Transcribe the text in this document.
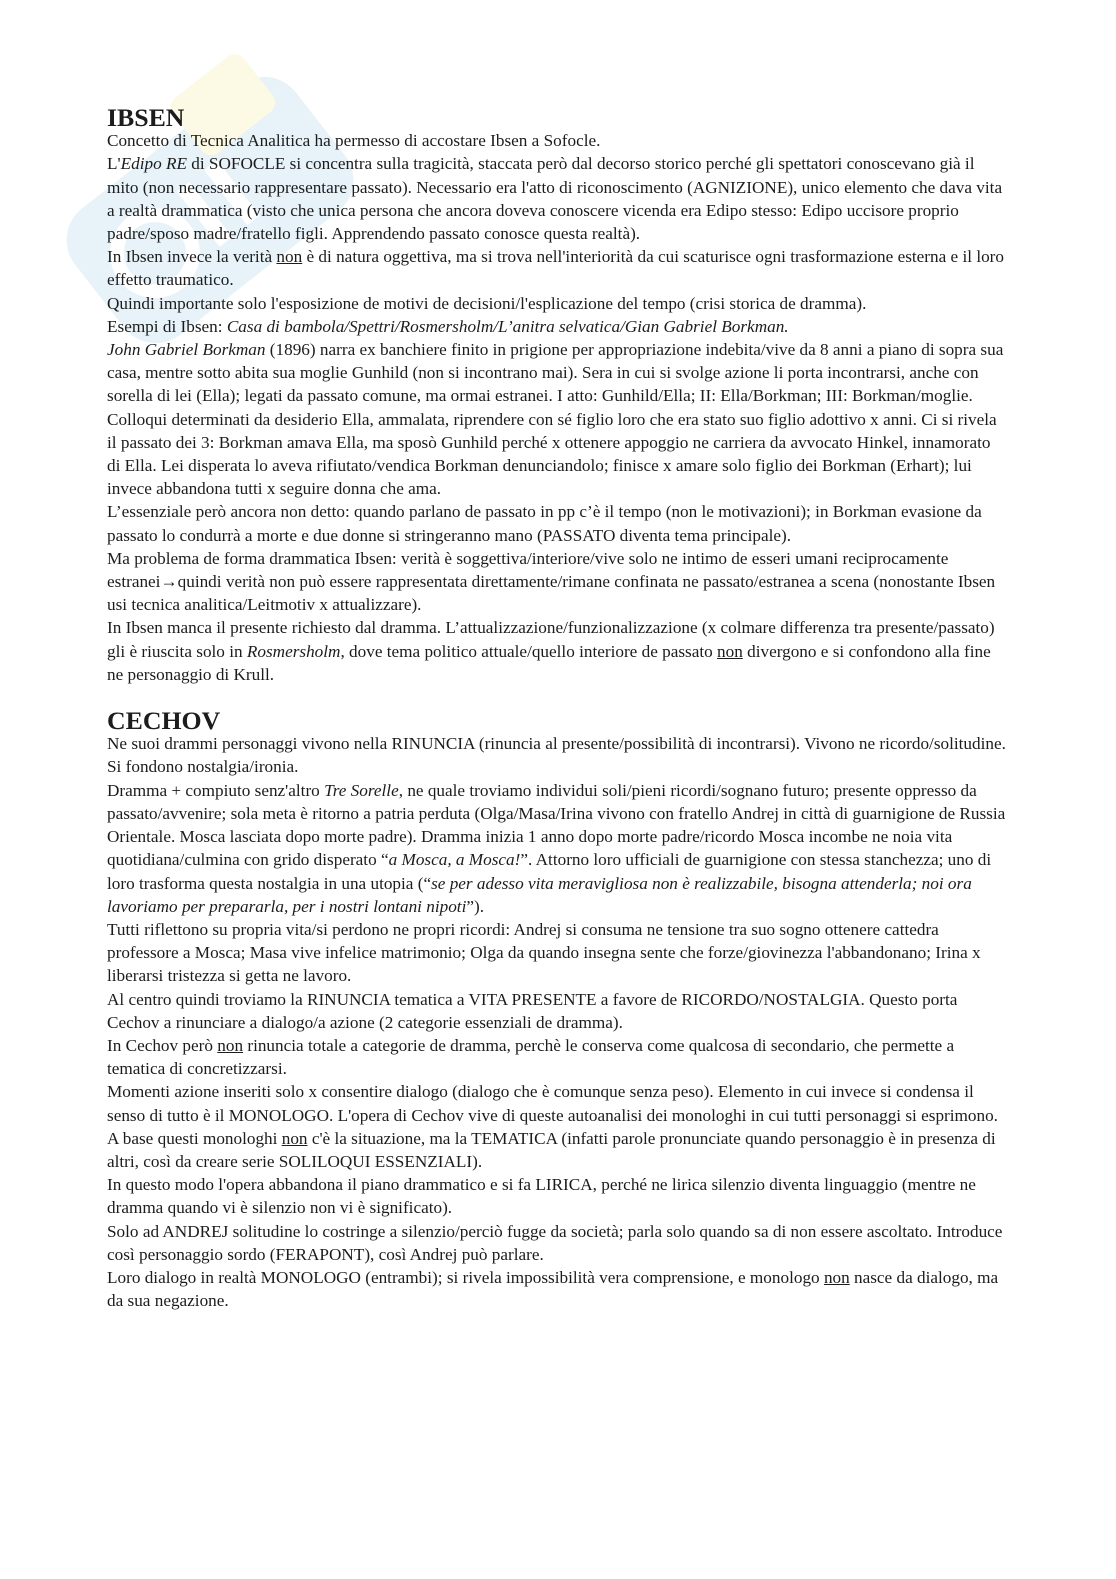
IBSEN

Concetto di Tecnica Analitica ha permesso di accostare Ibsen a Sofocle.

L'Edipo RE di SOFOCLE si concentra sulla tragicità, staccata però dal decorso storico perché gli spettatori conoscevano già il mito (non necessario rappresentare passato). Necessario era l'atto di riconoscimento (AGNIZIONE), unico elemento che dava vita a realtà drammatica (visto che unica persona che ancora doveva conoscere vicenda era Edipo stesso: Edipo uccisore proprio padre/sposo madre/fratello figli. Apprendendo passato conosce questa realtà).

In Ibsen invece la verità non è di natura oggettiva, ma si trova nell'interiorità da cui scaturisce ogni trasformazione esterna e il loro effetto traumatico.

Quindi importante solo l'esposizione de motivi de decisioni/l'esplicazione del tempo (crisi storica de dramma).

Esempi di Ibsen: Casa di bambola/Spettri/Rosmersholm/L’anitra selvatica/Gian Gabriel Borkman.

John Gabriel Borkman (1896) narra ex banchiere finito in prigione per appropriazione indebita/vive da 8 anni a piano di sopra sua casa, mentre sotto abita sua moglie Gunhild (non si incontrano mai). Sera in cui si svolge azione li porta incontrarsi, anche con sorella di lei (Ella); legati da passato comune, ma ormai estranei. I atto: Gunhild/Ella; II: Ella/Borkman; III: Borkman/moglie. Colloqui determinati da desiderio Ella, ammalata, riprendere con sé figlio loro che era stato suo figlio adottivo x anni. Ci si rivela il passato dei 3: Borkman amava Ella, ma sposò Gunhild perché x ottenere appoggio ne carriera da avvocato Hinkel, innamorato di Ella. Lei disperata lo aveva rifiutato/vendica Borkman denunciandolo; finisce x amare solo figlio dei Borkman (Erhart); lui invece abbandona tutti x seguire donna che ama.

L’essenziale però ancora non detto: quando parlano de passato in pp c’è il tempo (non le motivazioni); in Borkman evasione da passato lo condurrà a morte e due donne si stringeranno mano (PASSATO diventa tema principale).

Ma problema de forma drammatica Ibsen: verità è soggettiva/interiore/vive solo ne intimo de esseri umani reciprocamente estranei→quindi verità non può essere rappresentata direttamente/rimane confinata ne passato/estranea a scena (nonostante Ibsen usi tecnica analitica/Leitmotiv x attualizzare).

In Ibsen manca il presente richiesto dal dramma. L’attualizzazione/funzionalizzazione (x colmare differenza tra presente/passato) gli è riuscita solo in Rosmersholm, dove tema politico attuale/quello interiore de passato non divergono e si confondono alla fine ne personaggio di Krull.

CECHOV

Ne suoi drammi personaggi vivono nella RINUNCIA (rinuncia al presente/possibilità di incontrarsi). Vivono ne ricordo/solitudine. Si fondono nostalgia/ironia.

Dramma + compiuto senz'altro Tre Sorelle, ne quale troviamo individui soli/pieni ricordi/sognano futuro; presente oppresso da passato/avvenire; sola meta è ritorno a patria perduta (Olga/Masa/Irina vivono con fratello Andrej in città di guarnigione de Russia Orientale. Mosca lasciata dopo morte padre). Dramma inizia 1 anno dopo morte padre/ricordo Mosca incombe ne noia vita quotidiana/culmina con grido disperato “a Mosca, a Mosca!”. Attorno loro ufficiali de guarnigione con stessa stanchezza; uno di loro trasforma questa nostalgia in una utopia (“se per adesso vita meravigliosa non è realizzabile, bisogna attenderla; noi ora lavoriamo per prepararla, per i nostri lontani nipoti”).

Tutti riflettono su propria vita/si perdono ne propri ricordi: Andrej si consuma ne tensione tra suo sogno ottenere cattedra professore a Mosca; Masa vive infelice matrimonio; Olga da quando insegna sente che forze/giovinezza l'abbandonano; Irina x liberarsi tristezza si getta ne lavoro.

Al centro quindi troviamo la RINUNCIA tematica a VITA PRESENTE a favore de RICORDO/NOSTALGIA. Questo porta Cechov a rinunciare a dialogo/a azione (2 categorie essenziali de dramma).

In Cechov però non rinuncia totale a categorie de dramma, perchè le conserva come qualcosa di secondario, che permette a tematica di concretizzarsi.

Momenti azione inseriti solo x consentire dialogo (dialogo che è comunque senza peso). Elemento in cui invece si condensa il senso di tutto è il MONOLOGO. L'opera di Cechov vive di queste autoanalisi dei monologhi in cui tutti personaggi si esprimono. A base questi monologhi non c'è la situazione, ma la TEMATICA (infatti parole pronunciate quando personaggio è in presenza di altri, così da creare serie SOLILOQUI ESSENZIALI).

In questo modo l'opera abbandona il piano drammatico e si fa LIRICA, perché ne lirica silenzio diventa linguaggio (mentre ne dramma quando vi è silenzio non vi è significato).

Solo ad ANDREJ solitudine lo costringe a silenzio/perciò fugge da società; parla solo quando sa di non essere ascoltato. Introduce così personaggio sordo (FERAPONT), così Andrej può parlare.

Loro dialogo in realtà MONOLOGO (entrambi); si rivela impossibilità vera comprensione, e monologo non nasce da dialogo, ma da sua negazione.
